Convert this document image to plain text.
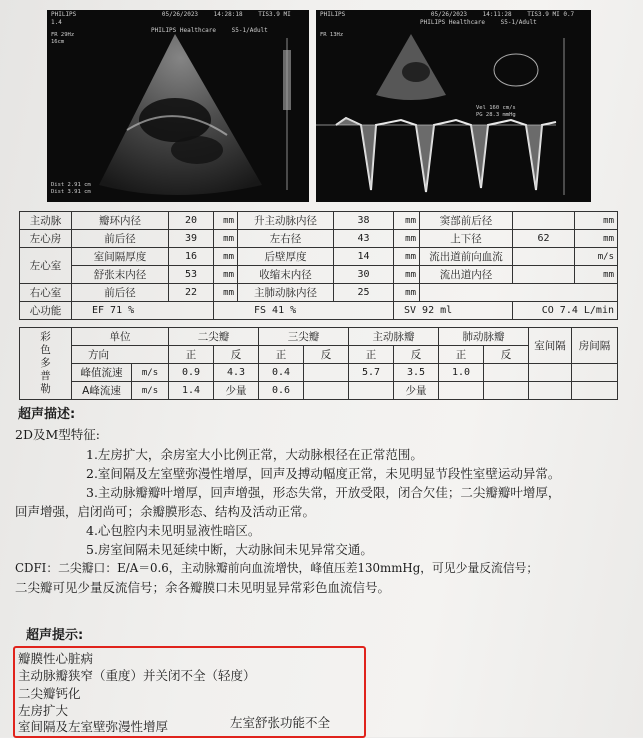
PHILIPS	05/26/2023	14:28:18	TIS3.9 MI 1.4
PHILIPS Healthcare	S5-1/Adult
FR 29Hz
16cm
Dist 2.91 cm
Dist 3.91 cm
PHILIPS	05/26/2023	14:11:28	TIS3.9 MI 0.7
PHILIPS Healthcare	S5-1/Adult
FR 13Hz
Vel 160 cm/s
PG 28.3 mmHg
主动脉	瓣环内径	20	mm	升主动脉内径	38	mm	窦部前后径		mm
左心房	前后径	39	mm	左右径	43	mm	上下径	62	mm
左心室	室间隔厚度	16	mm	后壁厚度	14	mm	流出道前向血流		m/s
	舒张末内径	53	mm	收缩末内径	30	mm	流出道内径		mm
右心室	前后径	22	mm	主肺动脉内径	25	mm			
心功能	EF 71 %		FS 41 %			SV 92 ml		CO 7.4 L/min	
彩
色
多
普
勒	单位		二尖瓣		三尖瓣		主动脉瓣		肺动脉瓣		室间隔	房间隔
	方向		正	反	正	反	正	反	正	反		
	峰值流速	m/s	0.9	4.3	0.4		5.7	3.5	1.0			
	A峰流速	m/s	1.4	少量	0.6			少量				
超声描述:
2D及M型特征:
1.左房扩大，余房室大小比例正常，大动脉根径在正常范围。
2.室间隔及左室壁弥漫性增厚，回声及搏动幅度正常，未见明显节段性室壁运动异常。
3.主动脉瓣瓣叶增厚，回声增强，形态失常，开放受限，闭合欠佳；二尖瓣瓣叶增厚，
回声增强，启闭尚可；余瓣膜形态、结构及活动正常。
4.心包腔内未见明显液性暗区。
5.房室间隔未见延续中断，大动脉间未见异常交通。
CDFI：二尖瓣口：E/A＝0.6，主动脉瓣前向血流增快，峰值压差130mmHg，可见少量反流信号；
二尖瓣可见少量反流信号；余各瓣膜口未见明显异常彩色血流信号。
超声提示:
瓣膜性心脏病
主动脉瓣狭窄（重度）并关闭不全（轻度）
二尖瓣钙化
左房扩大
室间隔及左室壁弥漫性增厚	左室舒张功能不全
